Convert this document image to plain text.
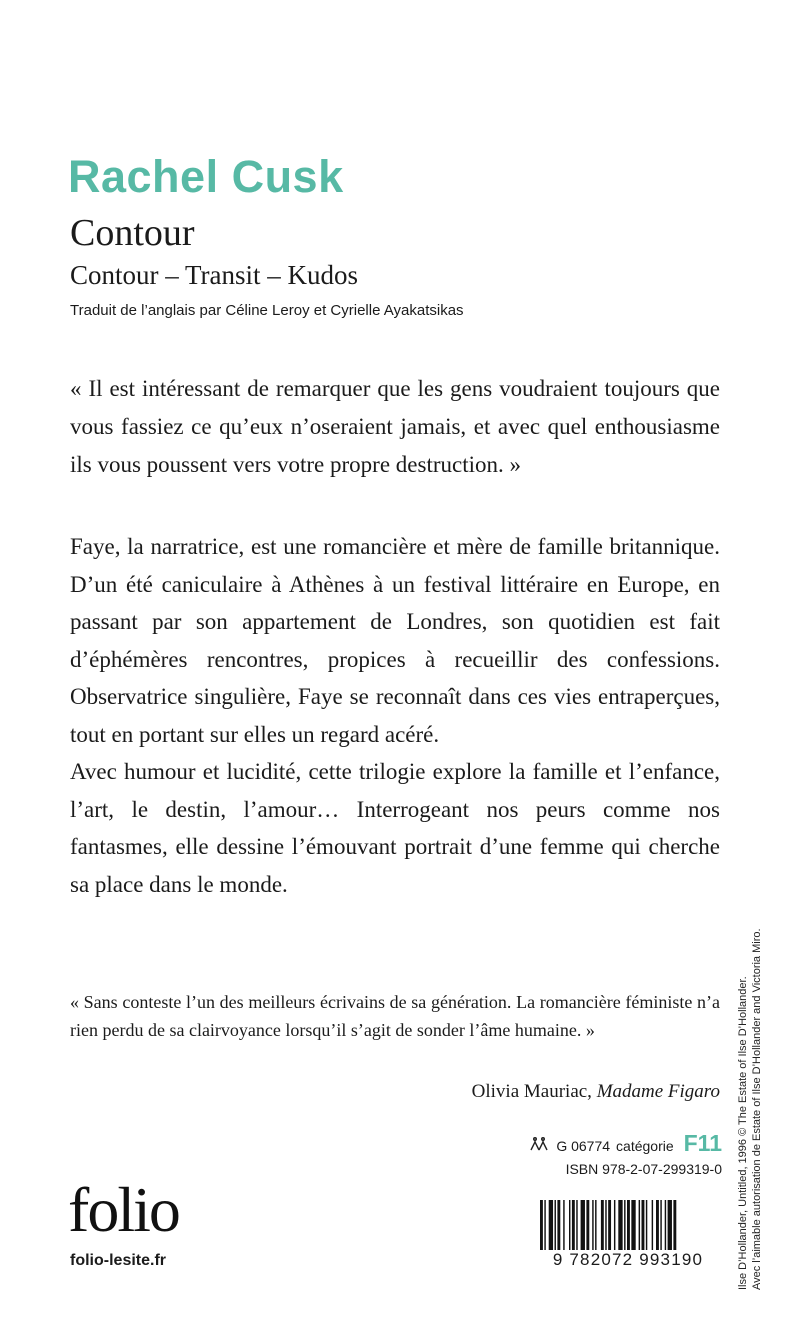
Rachel Cusk
Contour
Contour – Transit – Kudos
Traduit de l’anglais par Céline Leroy et Cyrielle Ayakatsikas

« Il est intéressant de remarquer que les gens voudraient toujours que vous fassiez ce qu’eux n’oseraient jamais, et avec quel enthousiasme ils vous poussent vers votre propre destruction. »

Faye, la narratrice, est une romancière et mère de famille britannique. D’un été caniculaire à Athènes à un festival littéraire en Europe, en passant par son appartement de Londres, son quotidien est fait d’éphémères rencontres, propices à recueillir des confessions. Observatrice singulière, Faye se reconnaît dans ces vies entraperçues, tout en portant sur elles un regard acéré.

Avec humour et lucidité, cette trilogie explore la famille et l’enfance, l’art, le destin, l’amour… Interrogeant nos peurs comme nos fantasmes, elle dessine l’émouvant portrait d’une femme qui cherche sa place dans le monde.

« Sans conteste l’un des meilleurs écrivains de sa génération. La romancière féministe n’a rien perdu de sa clairvoyance lorsqu’il s’agit de sonder l’âme humaine. »

Olivia Mauriac, Madame Figaro

G 06774 catégorie F11
ISBN 978-2-07-299319-0
folio
folio-lesite.fr	9 782072 993190	Ilse D’Hollander, Untitled, 1996 © The Estate of Ilse D’Hollander. Avec l’aimable autorisation de Estate of Ilse D’Hollander and Victoria Miro.
